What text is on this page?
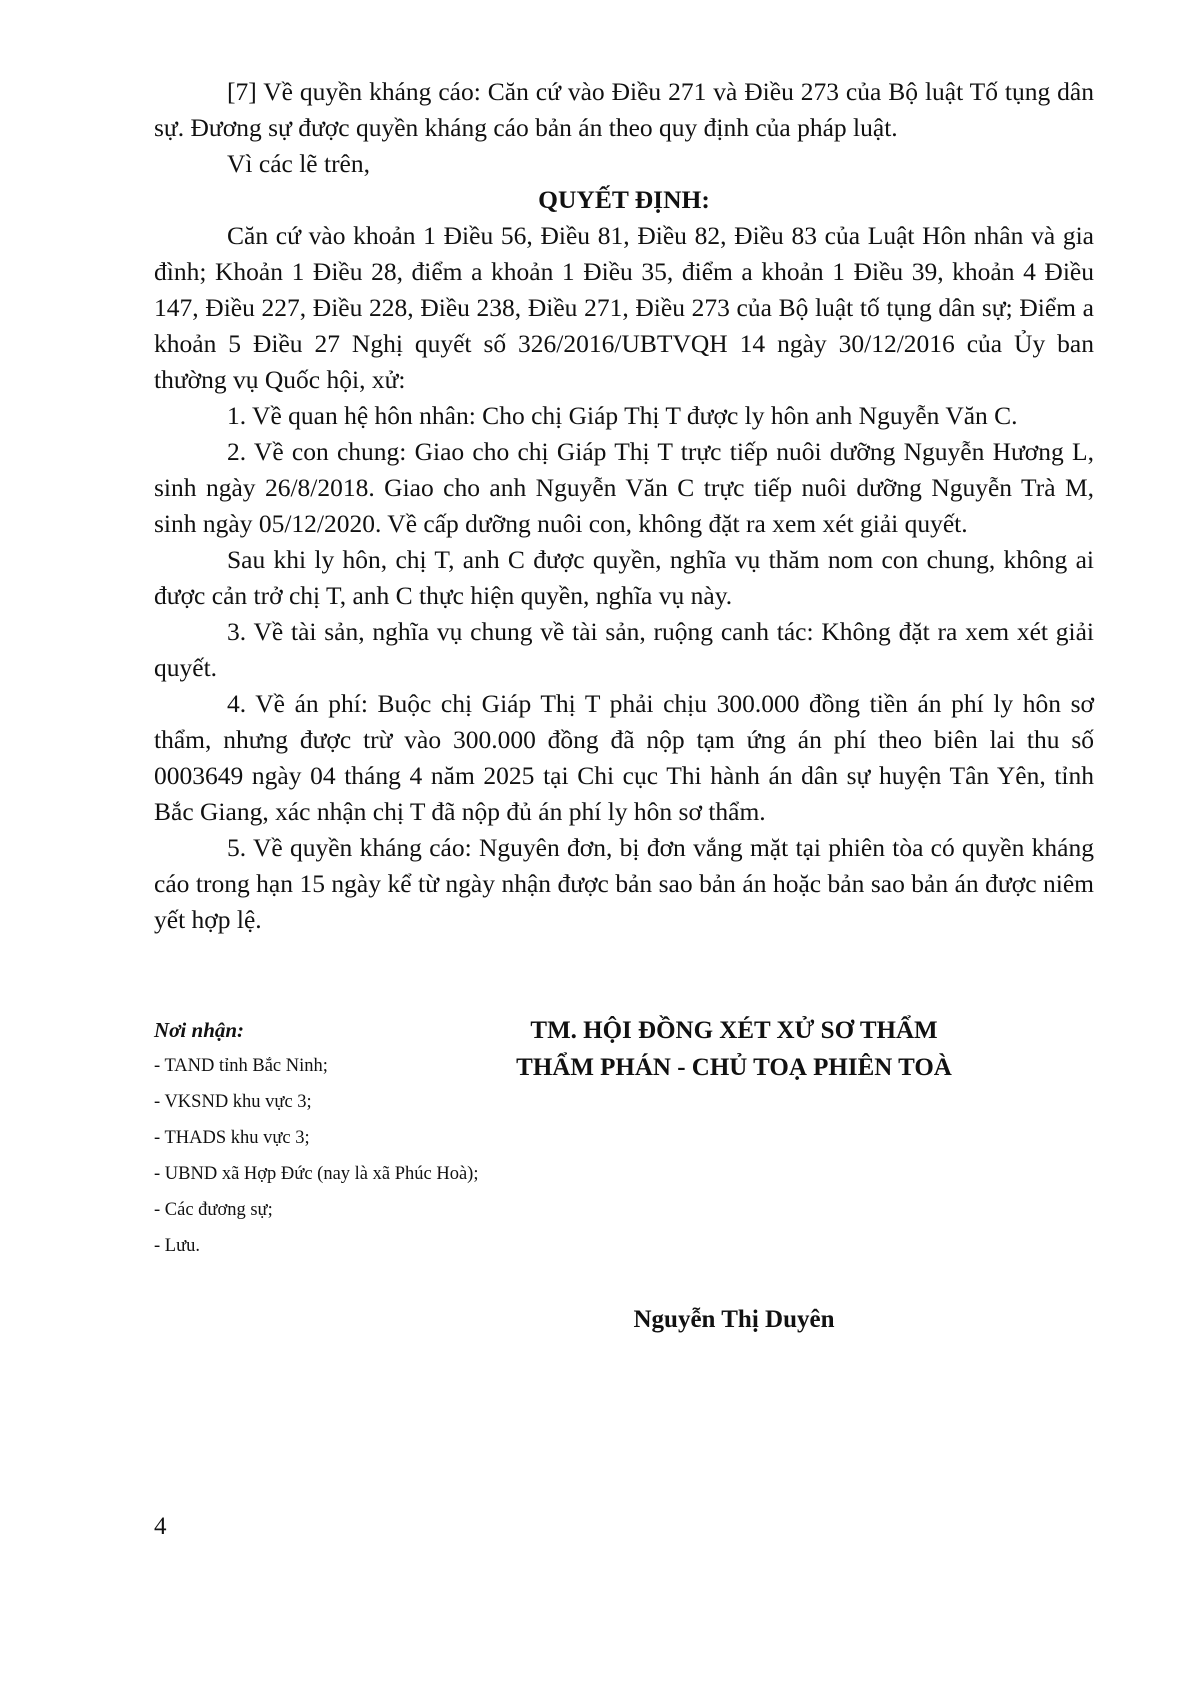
[7] Về quyền kháng cáo: Căn cứ vào Điều 271 và Điều 273 của Bộ luật Tố tụng dân sự. Đương sự được quyền kháng cáo bản án theo quy định của pháp luật.

Vì các lẽ trên,

QUYẾT ĐỊNH:

Căn cứ vào khoản 1 Điều 56, Điều 81, Điều 82, Điều 83 của Luật Hôn nhân và gia đình; Khoản 1 Điều 28, điểm a khoản 1 Điều 35, điểm a khoản 1 Điều 39, khoản 4 Điều 147, Điều 227, Điều 228, Điều 238, Điều 271, Điều 273 của Bộ luật tố tụng dân sự; Điểm a khoản 5 Điều 27 Nghị quyết số 326/2016/UBTVQH 14 ngày 30/12/2016 của Ủy ban thường vụ Quốc hội, xử:

1. Về quan hệ hôn nhân: Cho chị Giáp Thị T được ly hôn anh Nguyễn Văn C.

2. Về con chung: Giao cho chị Giáp Thị T trực tiếp nuôi dưỡng Nguyễn Hương L, sinh ngày 26/8/2018. Giao cho anh Nguyễn Văn C trực tiếp nuôi dưỡng Nguyễn Trà M, sinh ngày 05/12/2020. Về cấp dưỡng nuôi con, không đặt ra xem xét giải quyết.

Sau khi ly hôn, chị T, anh C được quyền, nghĩa vụ thăm nom con chung, không ai được cản trở chị T, anh C thực hiện quyền, nghĩa vụ này.

3. Về tài sản, nghĩa vụ chung về tài sản, ruộng canh tác: Không đặt ra xem xét giải quyết.

4. Về án phí: Buộc chị Giáp Thị T phải chịu 300.000 đồng tiền án phí ly hôn sơ thẩm, nhưng được trừ vào 300.000 đồng đã nộp tạm ứng án phí theo biên lai thu số 0003649 ngày 04 tháng 4 năm 2025 tại Chi cục Thi hành án dân sự huyện Tân Yên, tỉnh Bắc Giang, xác nhận chị T đã nộp đủ án phí ly hôn sơ thẩm.

5. Về quyền kháng cáo: Nguyên đơn, bị đơn vắng mặt tại phiên tòa có quyền kháng cáo trong hạn 15 ngày kể từ ngày nhận được bản sao bản án hoặc bản sao bản án được niêm yết hợp lệ.

Nơi nhận:

- TAND tỉnh Bắc Ninh;
- VKSND khu vực 3;
- THADS khu vực 3;
- UBND xã Hợp Đức (nay là xã Phúc Hoà);
- Các đương sự;
- Lưu.

TM. HỘI ĐỒNG XÉT XỬ SƠ THẨM

THẨM PHÁN - CHỦ TOẠ PHIÊN TOÀ

Nguyễn Thị Duyên

4
